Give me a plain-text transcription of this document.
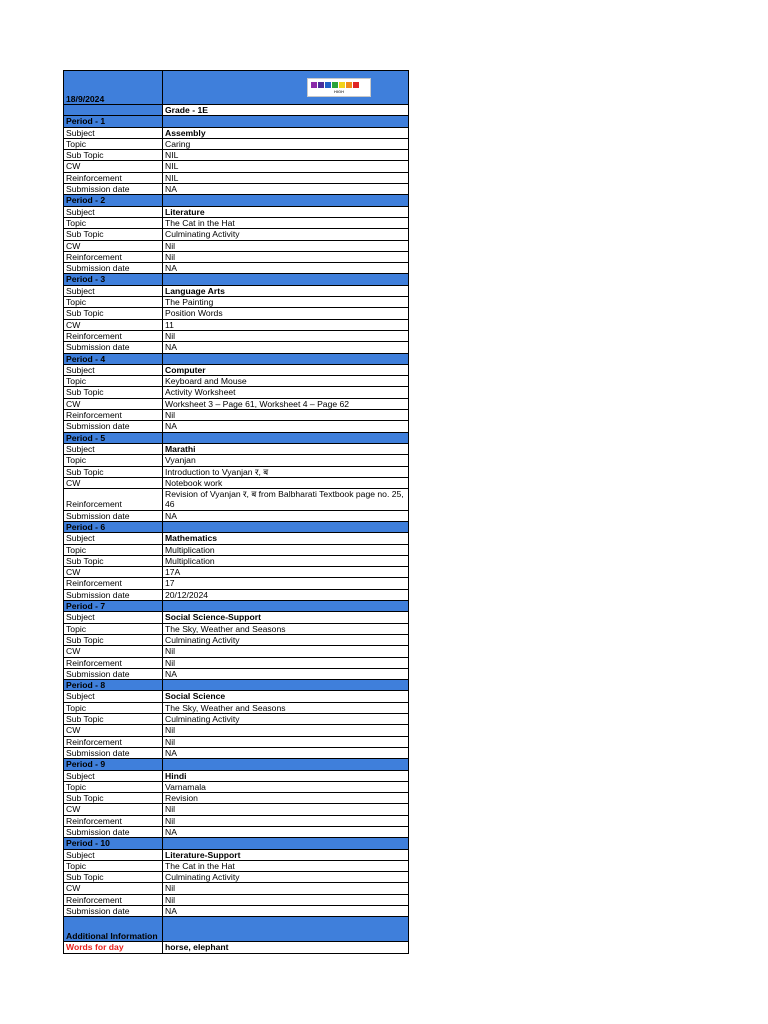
18/9/2024	HIGH

	Grade - 1E
Period - 1	
Subject	Assembly
Topic	Caring
Sub Topic	NIL
CW	NIL
Reinforcement	NIL
Submission date	NA
Period - 2	
Subject	Literature
Topic	The Cat in the Hat
Sub Topic	Culminating Activity
CW	Nil
Reinforcement	Nil
Submission date	NA
Period - 3	
Subject	Language Arts
Topic	The Painting
Sub Topic	Position Words
CW	11
Reinforcement	Nil
Submission date	NA
Period - 4	
Subject	Computer
Topic	Keyboard and Mouse
Sub Topic	Activity Worksheet
CW	Worksheet 3 – Page 61, Worksheet 4 – Page 62
Reinforcement	Nil
Submission date	NA
Period - 5	
Subject	Marathi
Topic	Vyanjan
Sub Topic	Introduction to Vyanjan र, ब
CW	Notebook work
Reinforcement	Revision of Vyanjan र, ब from Balbharati Textbook page no. 25, 46
Submission date	NA
Period - 6	
Subject	Mathematics
Topic	Multiplication
Sub Topic	Multiplication
CW	17A
Reinforcement	17
Submission date	20/12/2024
Period - 7	
Subject	Social Science-Support
Topic	The Sky, Weather and Seasons
Sub Topic	Culminating Activity
CW	Nil
Reinforcement	Nil
Submission date	NA
Period - 8	
Subject	Social Science
Topic	The Sky, Weather and Seasons
Sub Topic	Culminating Activity
CW	Nil
Reinforcement	Nil
Submission date	NA
Period - 9	
Subject	Hindi
Topic	Varnamala
Sub Topic	Revision
CW	Nil
Reinforcement	Nil
Submission date	NA
Period - 10	
Subject	Literature-Support
Topic	The Cat in the Hat
Sub Topic	Culminating Activity
CW	Nil
Reinforcement	Nil
Submission date	NA
Additional Information	
Words for day	horse, elephant
